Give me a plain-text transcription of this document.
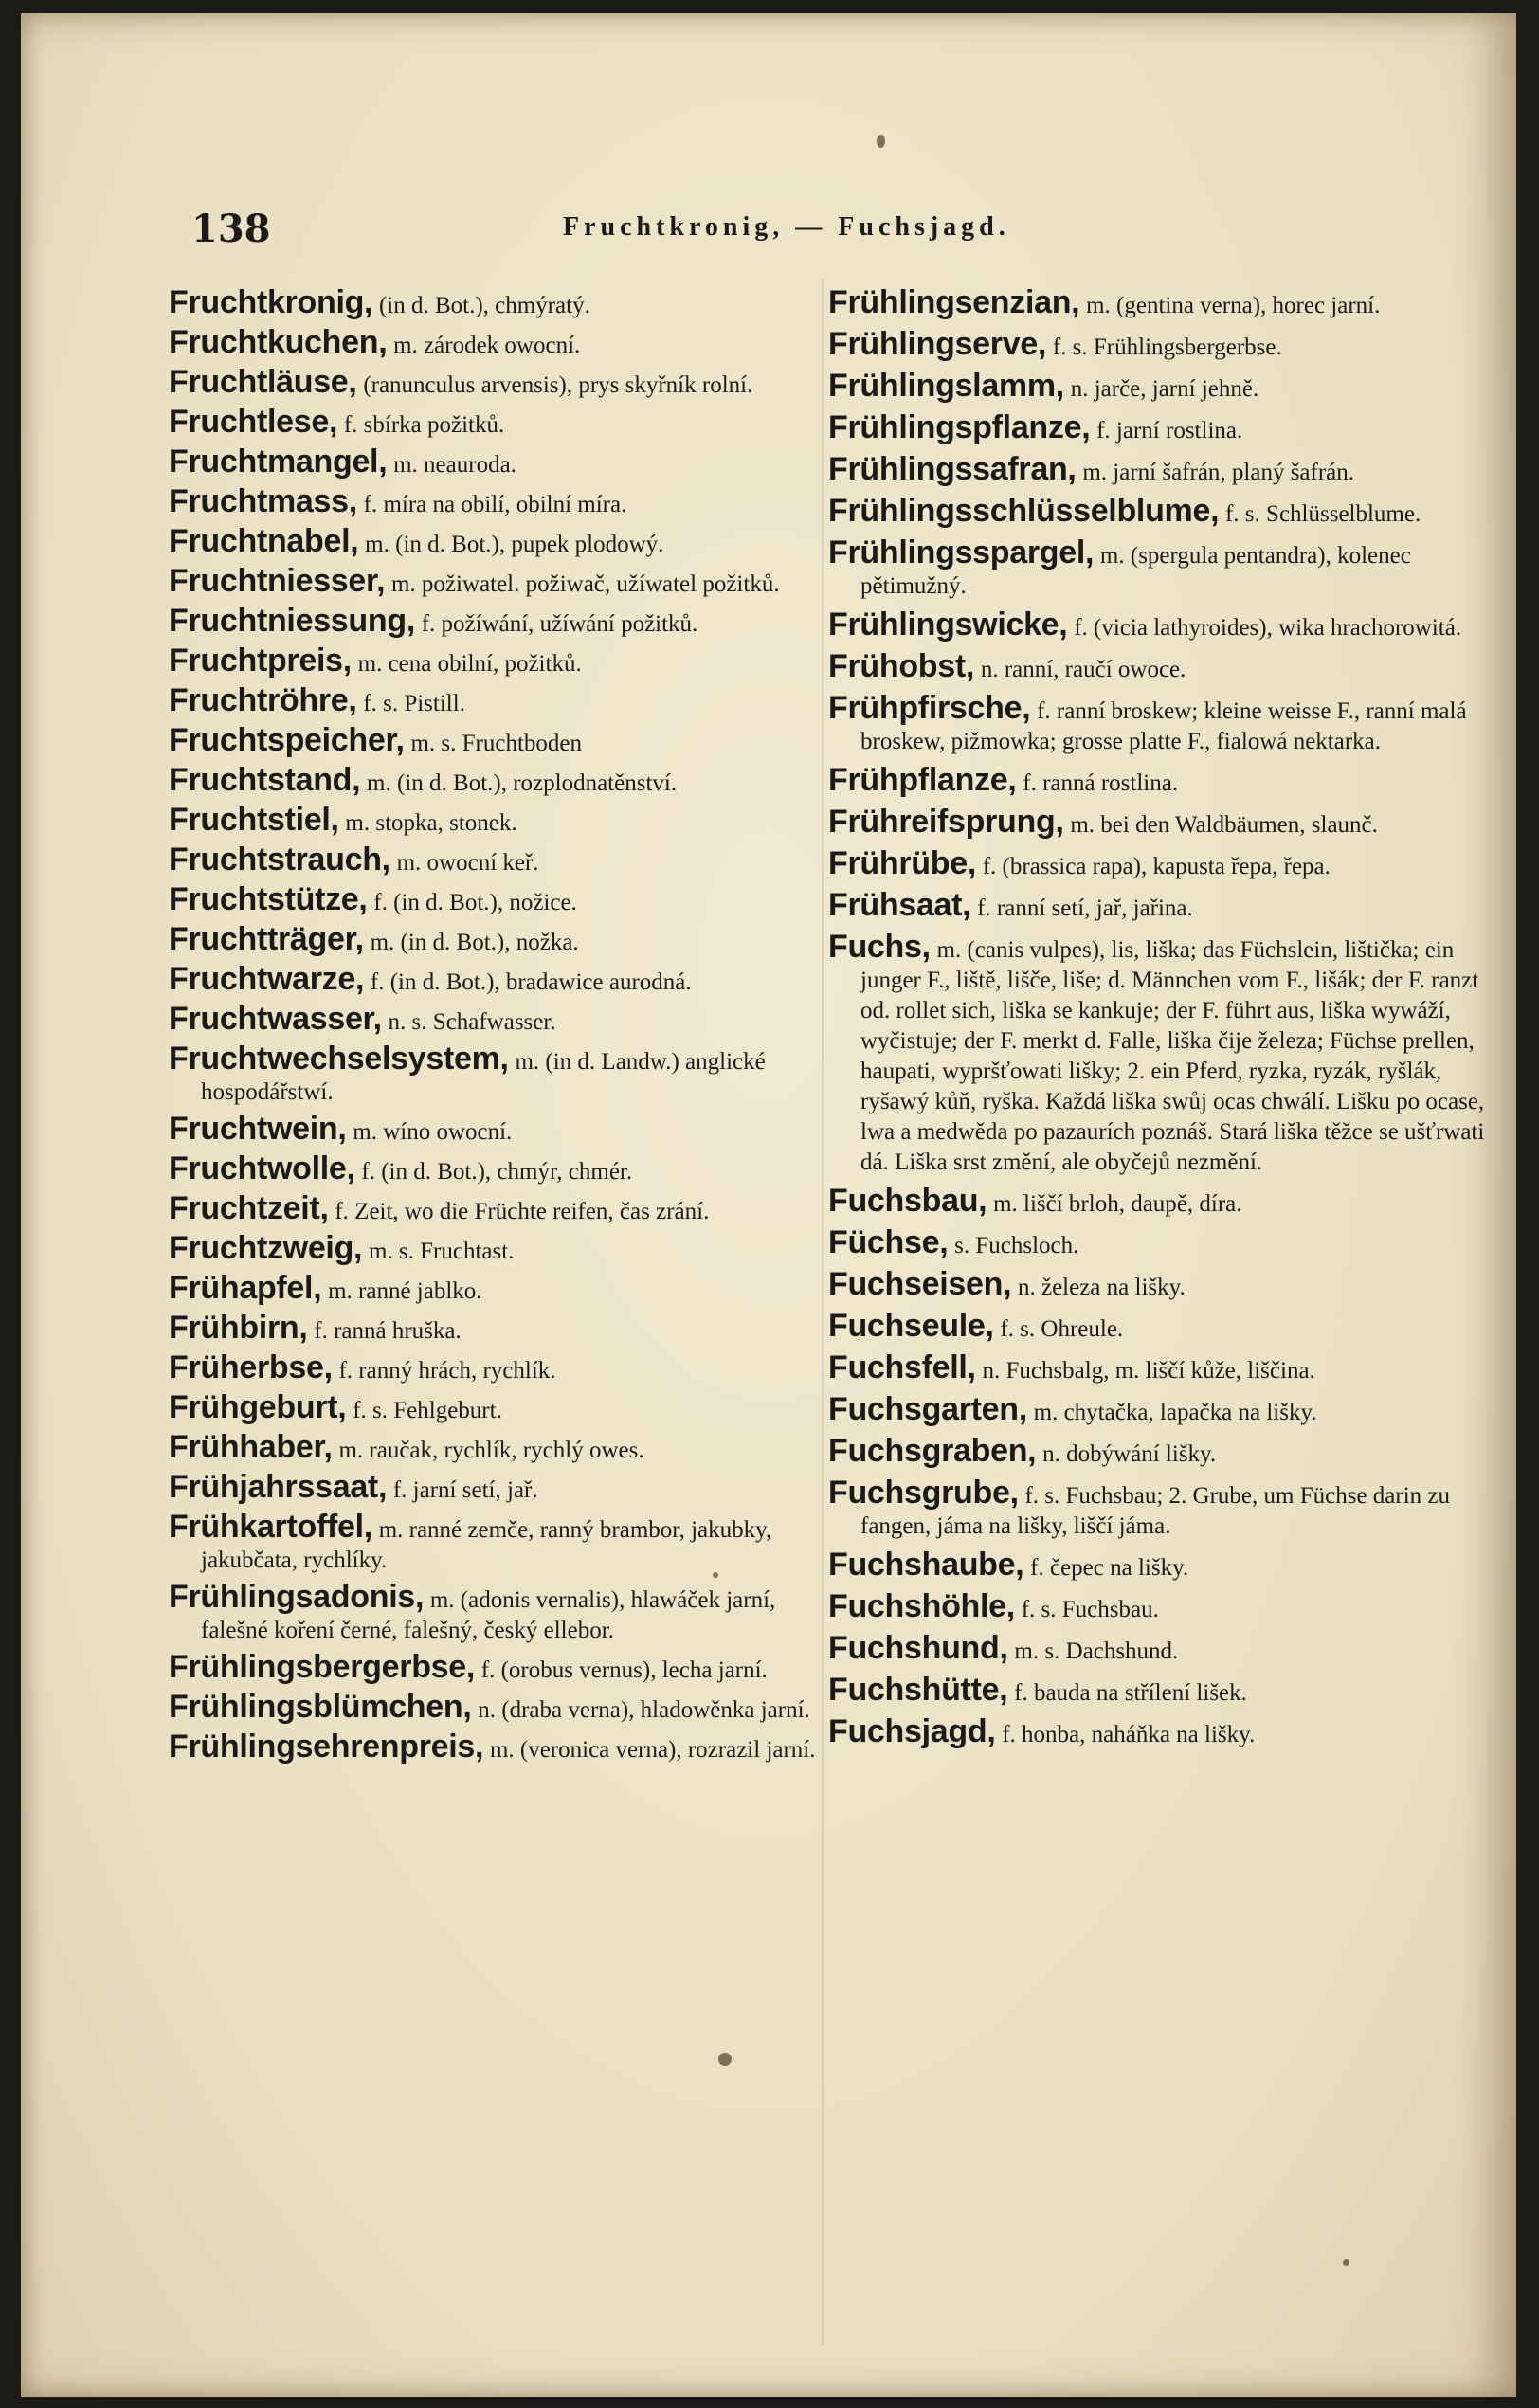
138	Fruchtkronig, — Fuchsjagd.

Fruchtkronig, (in d. Bot.), chmýratý.

Fruchtkuchen, m. zárodek owocní.

Fruchtläuse, (ranunculus arvensis), prys skyřník rolní.

Fruchtlese, f. sbírka požitků.

Fruchtmangel, m. neauroda.

Fruchtmass, f. míra na obilí, obilní míra.

Fruchtnabel, m. (in d. Bot.), pupek plodowý.

Fruchtniesser, m. požiwatel. požiwač, užíwatel požitků.

Fruchtniessung, f. požíwání, užíwání požitků.

Fruchtpreis, m. cena obilní, požitků.

Fruchtröhre, f. s. Pistill.

Fruchtspeicher, m. s. Fruchtboden

Fruchtstand, m. (in d. Bot.), rozplodnatěnství.

Fruchtstiel, m. stopka, stonek.

Fruchtstrauch, m. owocní keř.

Fruchtstütze, f. (in d. Bot.), nožice.

Fruchtträger, m. (in d. Bot.), nožka.

Fruchtwarze, f. (in d. Bot.), bradawice aurodná.

Fruchtwasser, n. s. Schafwasser.

Fruchtwechselsystem, m. (in d. Landw.) anglické hospodářstwí.

Fruchtwein, m. wíno owocní.

Fruchtwolle, f. (in d. Bot.), chmýr, chmér.

Fruchtzeit, f. Zeit, wo die Früchte reifen, čas zrání.

Fruchtzweig, m. s. Fruchtast.

Frühapfel, m. ranné jablko.

Frühbirn, f. ranná hruška.

Früherbse, f. ranný hrách, rychlík.

Frühgeburt, f. s. Fehlgeburt.

Frühhaber, m. raučak, rychlík, rychlý owes.

Frühjahrssaat, f. jarní setí, jař.

Frühkartoffel, m. ranné zemče, ranný brambor, jakubky, jakubčata, rychlíky.

Frühlingsadonis, m. (adonis vernalis), hlawáček jarní, falešné koření černé, falešný, český ellebor.

Frühlingsbergerbse, f. (orobus vernus), lecha jarní.

Frühlingsblümchen, n. (draba verna), hladowěnka jarní.

Frühlingsehrenpreis, m. (veronica verna), rozrazil jarní.

Frühlingsenzian, m. (gentina verna), horec jarní.

Frühlingserve, f. s. Frühlingsbergerbse.

Frühlingslamm, n. jarče, jarní jehně.

Frühlingspflanze, f. jarní rostlina.

Frühlingssafran, m. jarní šafrán, planý šafrán.

Frühlingsschlüsselblume, f. s. Schlüsselblume.

Frühlingsspargel, m. (spergula pentandra), kolenec pětimužný.

Frühlingswicke, f. (vicia lathyroides), wika hrachorowitá.

Frühobst, n. ranní, raučí owoce.

Frühpfirsche, f. ranní broskew; kleine weisse F., ranní malá broskew, pižmowka; grosse platte F., fialowá nektarka.

Frühpflanze, f. ranná rostlina.

Frühreifsprung, m. bei den Waldbäumen, slaunč.

Frührübe, f. (brassica rapa), kapusta řepa, řepa.

Frühsaat, f. ranní setí, jař, jařina.

Fuchs, m. (canis vulpes), lis, liška; das Füchslein, lištička; ein junger F., liště, lišče, liše; d. Männchen vom F., lišák; der F. ranzt od. rollet sich, liška se kankuje; der F. führt aus, liška wywáží, wyčistuje; der F. merkt d. Falle, liška čije železa; Füchse prellen, haupati, wypršťowati lišky; 2. ein Pferd, ryzka, ryzák, ryšlák, ryšawý kůň, ryška. Každá liška swůj ocas chwálí. Lišku po ocase, lwa a medwěda po pazaurích poznáš. Stará liška těžce se ušťrwati dá. Liška srst změní, ale obyčejů nezmění.

Fuchsbau, m. liščí brloh, daupě, díra.

Füchse, s. Fuchsloch.

Fuchseisen, n. železa na lišky.

Fuchseule, f. s. Ohreule.

Fuchsfell, n. Fuchsbalg, m. liščí kůže, liščina.

Fuchsgarten, m. chytačka, lapačka na lišky.

Fuchsgraben, n. dobýwání lišky.

Fuchsgrube, f. s. Fuchsbau; 2. Grube, um Füchse darin zu fangen, jáma na lišky, liščí jáma.

Fuchshaube, f. čepec na lišky.

Fuchshöhle, f. s. Fuchsbau.

Fuchshund, m. s. Dachshund.

Fuchshütte, f. bauda na střílení lišek.

Fuchsjagd, f. honba, naháňka na lišky.
